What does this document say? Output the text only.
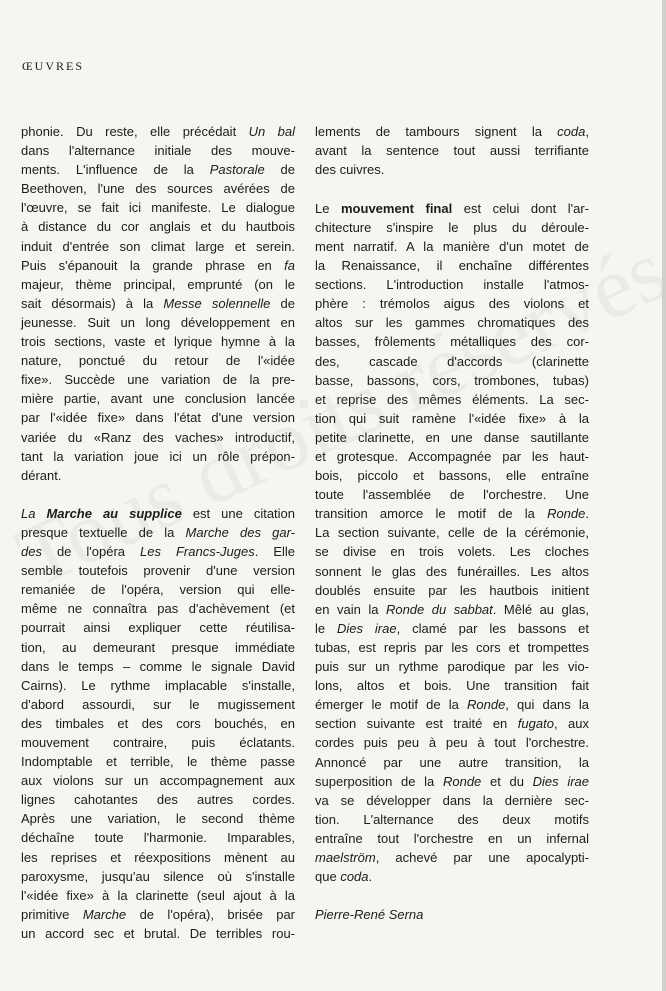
ŒUVRES
phonie. Du reste, elle précédait Un bal
dans l'alternance initiale des mouve-
ments. L'influence de la Pastorale de
Beethoven, l'une des sources avérées de
l'œuvre, se fait ici manifeste. Le dialogue
à distance du cor anglais et du hautbois
induit d'entrée son climat large et serein.
Puis s'épanouit la grande phrase en fa
majeur, thème principal, emprunté (on le
sait désormais) à la Messe solennelle de
jeunesse. Suit un long développement en
trois sections, vaste et lyrique hymne à la
nature, ponctué du retour de l'«idée
fixe». Succède une variation de la pre-
mière partie, avant une conclusion lancée
par l'«idée fixe» dans l'état d'une version
variée du «Ranz des vaches» introductif,
tant la variation joue ici un rôle prépon-
dérant.
La Marche au supplice est une citation
presque textuelle de la Marche des gar-
des de l'opéra Les Francs-Juges. Elle
semble toutefois provenir d'une version
remaniée de l'opéra, version qui elle-
même ne connaîtra pas d'achèvement (et
pourrait ainsi expliquer cette réutilisa-
tion, au demeurant presque immédiate
dans le temps – comme le signale David
Cairns). Le rythme implacable s'installe,
d'abord assourdi, sur le mugissement
des timbales et des cors bouchés, en
mouvement contraire, puis éclatants.
Indomptable et terrible, le thème passe
aux violons sur un accompagnement aux
lignes cahotantes des autres cordes.
Après une variation, le second thème
déchaîne toute l'harmonie. Imparables,
les reprises et réexpositions mènent au
paroxysme, jusqu'au silence où s'installe
l'«idée fixe» à la clarinette (seul ajout à la
primitive Marche de l'opéra), brisée par
un accord sec et brutal. De terribles rou-
lements de tambours signent la coda,
avant la sentence tout aussi terrifiante
des cuivres.
Le mouvement final est celui dont l'ar-
chitecture s'inspire le plus du déroule-
ment narratif. A la manière d'un motet de
la Renaissance, il enchaîne différentes
sections. L'introduction installe l'atmos-
phère : trémolos aigus des violons et
altos sur les gammes chromatiques des
basses, frôlements métalliques des cor-
des, cascade d'accords (clarinette
basse, bassons, cors, trombones, tubas)
et reprise des mêmes éléments. La sec-
tion qui suit ramène l'«idée fixe» à la
petite clarinette, en une danse sautillante
et grotesque. Accompagnée par les haut-
bois, piccolo et bassons, elle entraîne
toute l'assemblée de l'orchestre. Une
transition amorce le motif de la Ronde.
La section suivante, celle de la cérémonie,
se divise en trois volets. Les cloches
sonnent le glas des funérailles. Les altos
doublés ensuite par les hautbois initient
en vain la Ronde du sabbat. Mêlé au glas,
le Dies irae, clamé par les bassons et
tubas, est repris par les cors et trompettes
puis sur un rythme parodique par les vio-
lons, altos et bois. Une transition fait
émerger le motif de la Ronde, qui dans la
section suivante est traité en fugato, aux
cordes puis peu à peu à tout l'orchestre.
Annoncé par une autre transition, la
superposition de la Ronde et du Dies irae
va se développer dans la dernière sec-
tion. L'alternance des deux motifs
entraîne tout l'orchestre en un infernal
maelström, achevé par une apocalypti-
que coda.
Pierre-René Serna
